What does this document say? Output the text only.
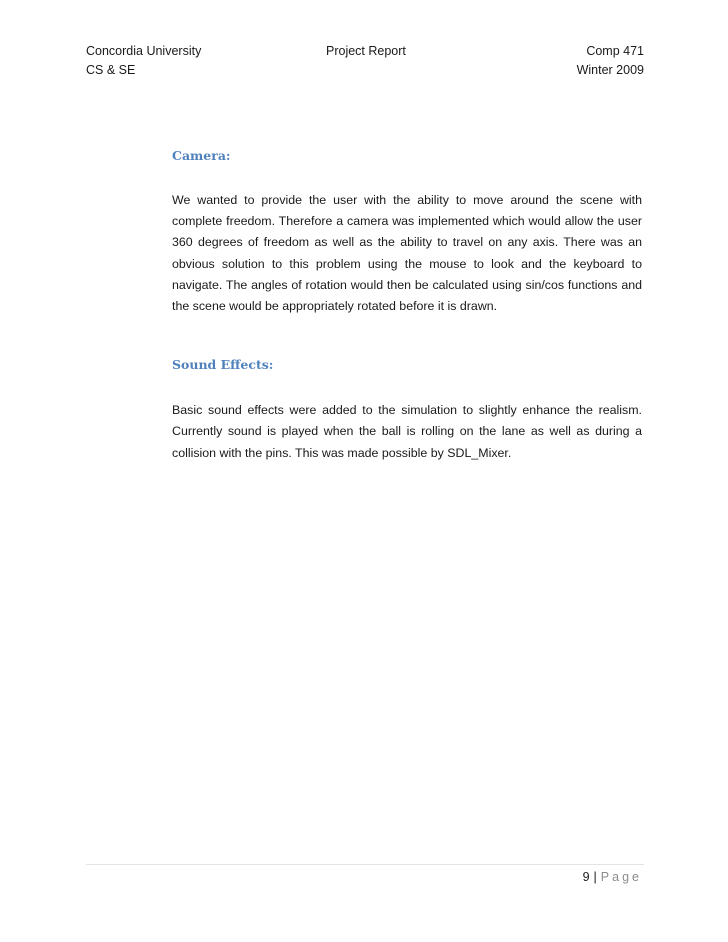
Concordia University	Comp 471
Project Report
CS & SE	Winter 2009
Camera:

We wanted to provide the user with the ability to move around the scene with complete freedom. Therefore a camera was implemented which would allow the user 360 degrees of freedom as well as the ability to travel on any axis. There was an obvious solution to this problem using the mouse to look and the keyboard to navigate. The angles of rotation would then be calculated using sin/cos functions and the scene would be appropriately rotated before it is drawn.

Sound Effects:

Basic sound effects were added to the simulation to slightly enhance the realism. Currently sound is played when the ball is rolling on the lane as well as during a collision with the pins. This was made possible by SDL_Mixer.

9 | Page
